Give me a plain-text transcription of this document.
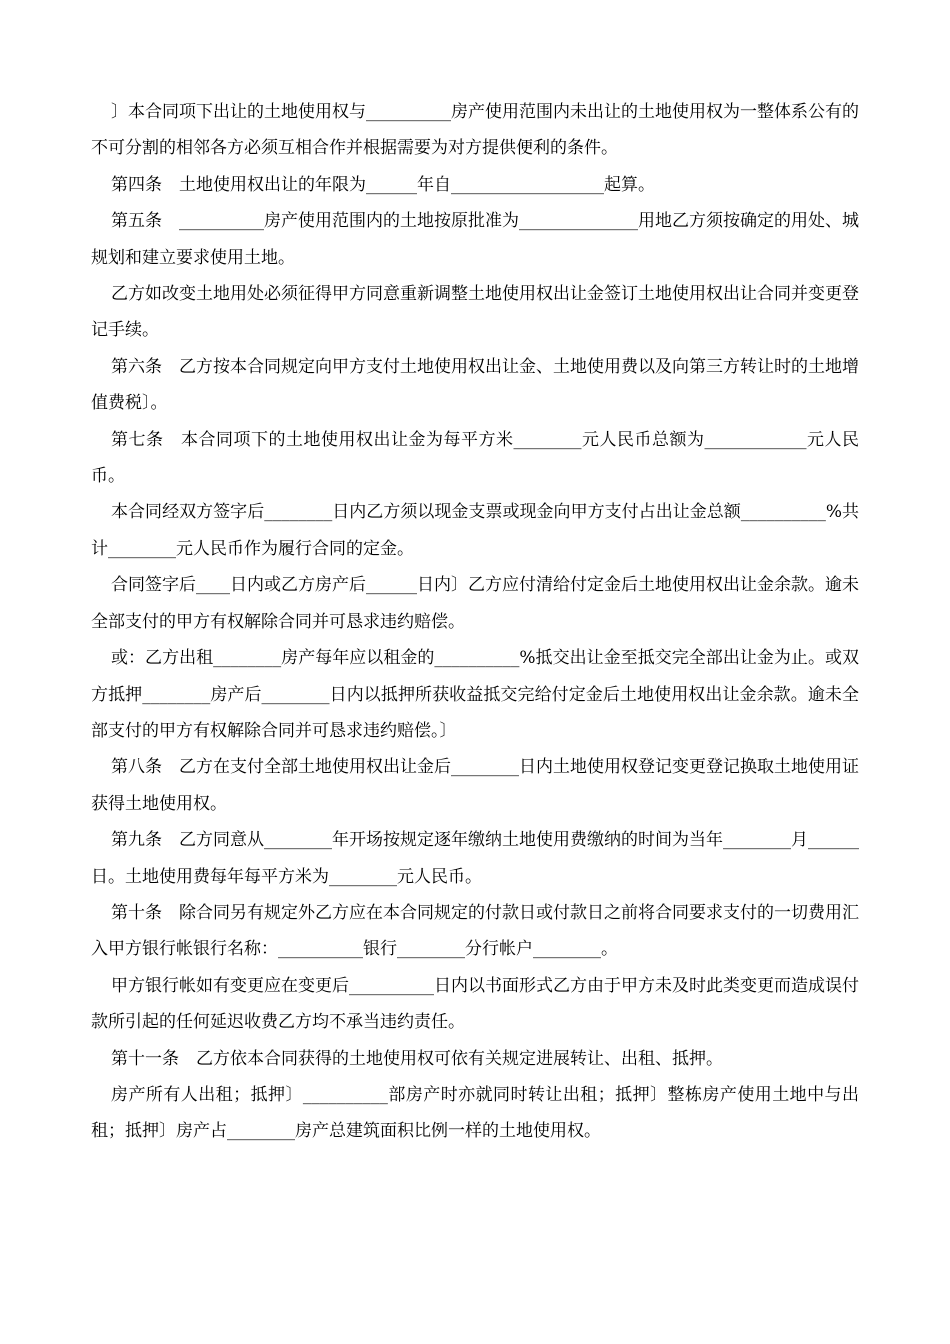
〕本合同项下出让的土地使用权与__________房产使用范围内未出让的土地使用权为一整体系公有的不可分割的相邻各方必须互相合作并根据需要为对方提供便利的条件。

第四条　土地使用权出让的年限为______年自__________________起算。

第五条　__________房产使用范围内的土地按原批准为______________用地乙方须按确定的用处、城规划和建立要求使用土地。

乙方如改变土地用处必须征得甲方同意重新调整土地使用权出让金签订土地使用权出让合同并变更登记手续。

第六条　乙方按本合同规定向甲方支付土地使用权出让金、土地使用费以及向第三方转让时的土地增值费税〕。

第七条　本合同项下的土地使用权出让金为每平方米________元人民币总额为____________元人民币。

本合同经双方签字后________日内乙方须以现金支票或现金向甲方支付占出让金总额__________%共计________元人民币作为履行合同的定金。

合同签字后____日内或乙方房产后______日内〕乙方应付清给付定金后土地使用权出让金余款。逾未全部支付的甲方有权解除合同并可恳求违约赔偿。

或：乙方出租________房产每年应以租金的__________%抵交出让金至抵交完全部出让金为止。或双方抵押________房产后________日内以抵押所获收益抵交完给付定金后土地使用权出让金余款。逾未全部支付的甲方有权解除合同并可恳求违约赔偿。〕

第八条　乙方在支付全部土地使用权出让金后________日内土地使用权登记变更登记换取土地使用证获得土地使用权。

第九条　乙方同意从________年开场按规定逐年缴纳土地使用费缴纳的时间为当年________月______日。土地使用费每年每平方米为________元人民币。

第十条　除合同另有规定外乙方应在本合同规定的付款日或付款日之前将合同要求支付的一切费用汇入甲方银行帐银行名称：__________银行________分行帐户________。

甲方银行帐如有变更应在变更后__________日内以书面形式乙方由于甲方未及时此类变更而造成误付款所引起的任何延迟收费乙方均不承当违约责任。

第十一条　乙方依本合同获得的土地使用权可依有关规定进展转让、出租、抵押。

房产所有人出租；抵押〕__________部房产时亦就同时转让出租；抵押〕整栋房产使用土地中与出租；抵押〕房产占________房产总建筑面积比例一样的土地使用权。
